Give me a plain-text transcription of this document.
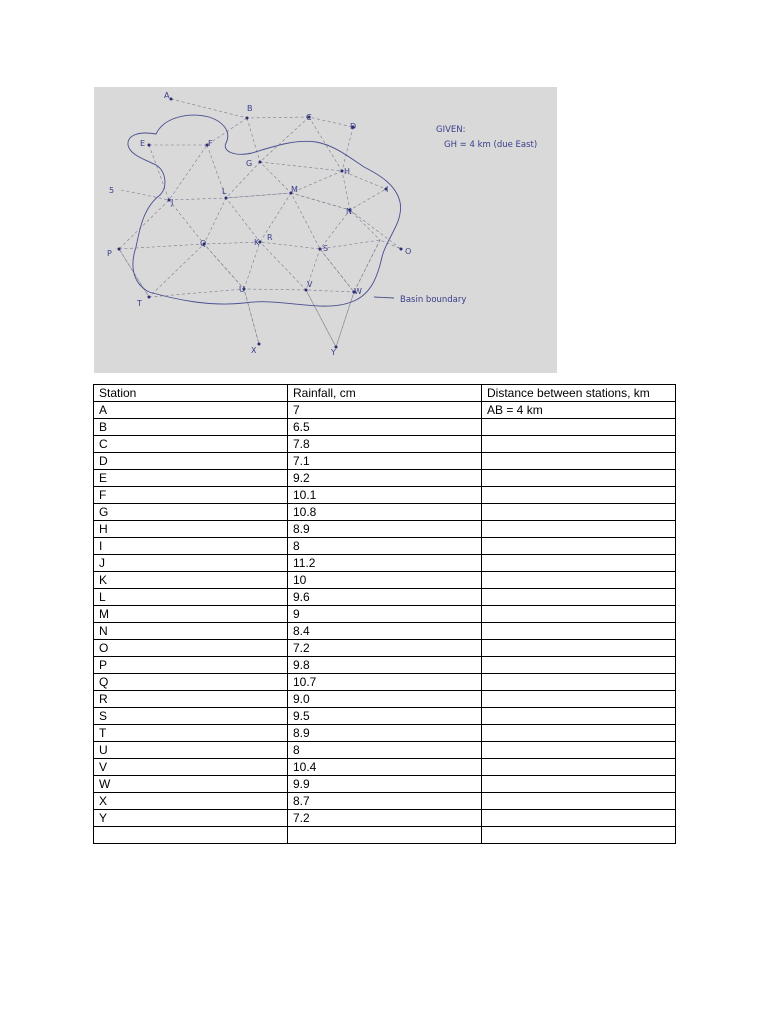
A
B
C
D
E	F
G
H
I
J
K
L	M
N
O
P
Q
R
S
T
U
V
W
X	Y
5
GIVEN:
GH = 4 km (due East)
Basin boundary
Station	Rainfall, cm	Distance between stations, km
A	7	AB = 4 km
B	6.5	
C	7.8	
D	7.1	
E	9.2	
F	10.1	
G	10.8	
H	8.9	
I	8	
J	11.2	
K	10	
L	9.6	
M	9	
N	8.4	
O	7.2	
P	9.8	
Q	10.7	
R	9.0	
S	9.5	
T	8.9	
U	8	
V	10.4	
W	9.9	
X	8.7	
Y	7.2	
